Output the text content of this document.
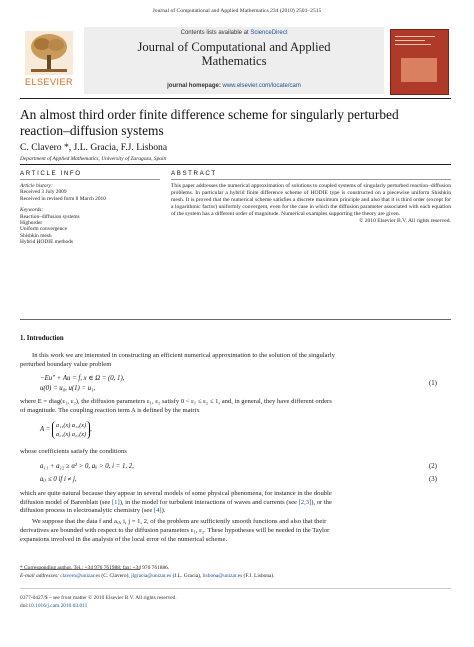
Journal of Computational and Applied Mathematics 234 (2010) 2501–2515
ELSEVIER
Contents lists available at ScienceDirect
Journal of Computational and Applied
Mathematics
journal homepage: www.elsevier.com/locate/cam
An almost third order finite difference scheme for singularly perturbed
reaction–diffusion systems
C. Clavero *, J.L. Gracia, F.J. Lisbona
Department of Applied Mathematics, University of Zaragoza, Spain
ARTICLE INFO	ABSTRACT
Article history:
Received 3 July 2009
Received in revised form 8 March 2010
Keywords:
Reaction–diffusion systems
Highorder
Uniform convergence
Shishkin mesh
Hybrid HODIE methods
This paper addresses the numerical approximation of solutions to coupled systems of singularly perturbed reaction–diffusion problems. In particular a hybrid finite difference scheme of HODIE type is constructed on a piecewise uniform Shishkin mesh. It is proved that the numerical scheme satisfies a discrete maximum principle and also that it is third order (except for a logarithmic factor) uniformly convergent, even for the case in which the diffusion parameter associated with each equation of the system has a different order of magnitude. Numerical examples supporting the theory are given.
© 2010 Elsevier B.V. All rights reserved.
1. Introduction
In this work we are interested in constructing an efficient numerical approximation to the solution of the singularly
perturbed boundary value problem
−Eu″ + Au = f, x ∈ Ω = (0, 1),
u(0) = u₀, u(1) = u₁,
(1)
where E = diag(ε₁, ε₂), the diffusion parameters ε₁, ε₂ satisfy 0 < ε₁ ≤ ε₂ ≤ 1, and, in general, they have different orders
of magnitude. The coupling reaction term A is defined by the matrix
A =
a₁₁(x) a₁₂(x)
a₂₁(x) a₂₂(x)
,
whose coefficients satisfy the conditions
a₁₁ + a₁₂ ≥ α² > 0, aᵢᵢ > 0, i = 1, 2,	(2)
aᵢⱼ ≤ 0 if i ≠ j,	(3)
which are quite natural because they appear in several models of some physical phenomena, for instance in the double
diffusion model of Barenblatt (see [1]), in the model for turbulent interactions of waves and currents (see [2,3]), or the
diffusion process in electroanalytic chemistry (see [4]).
We suppose that the data f and aᵢⱼ, i, j = 1, 2, of the problem are sufficiently smooth functions and also that their
derivatives are bounded with respect to the diffusion parameters ε₁, ε₂. These hypotheses will be needed in the Taylor
expansions involved in the analysis of the local error of the numerical scheme.
* Corresponding author. Tel.: +34 976 761988; fax: +34 976 761886.
E-mail addresses: clavero@unizar.es (C. Clavero), jlgracia@unizar.es (J.L. Gracia), lisbona@unizar.es (F.J. Lisbona).
0377-0427/$ – see front matter © 2010 Elsevier B.V. All rights reserved.
doi:10.1016/j.cam.2010.03.011
